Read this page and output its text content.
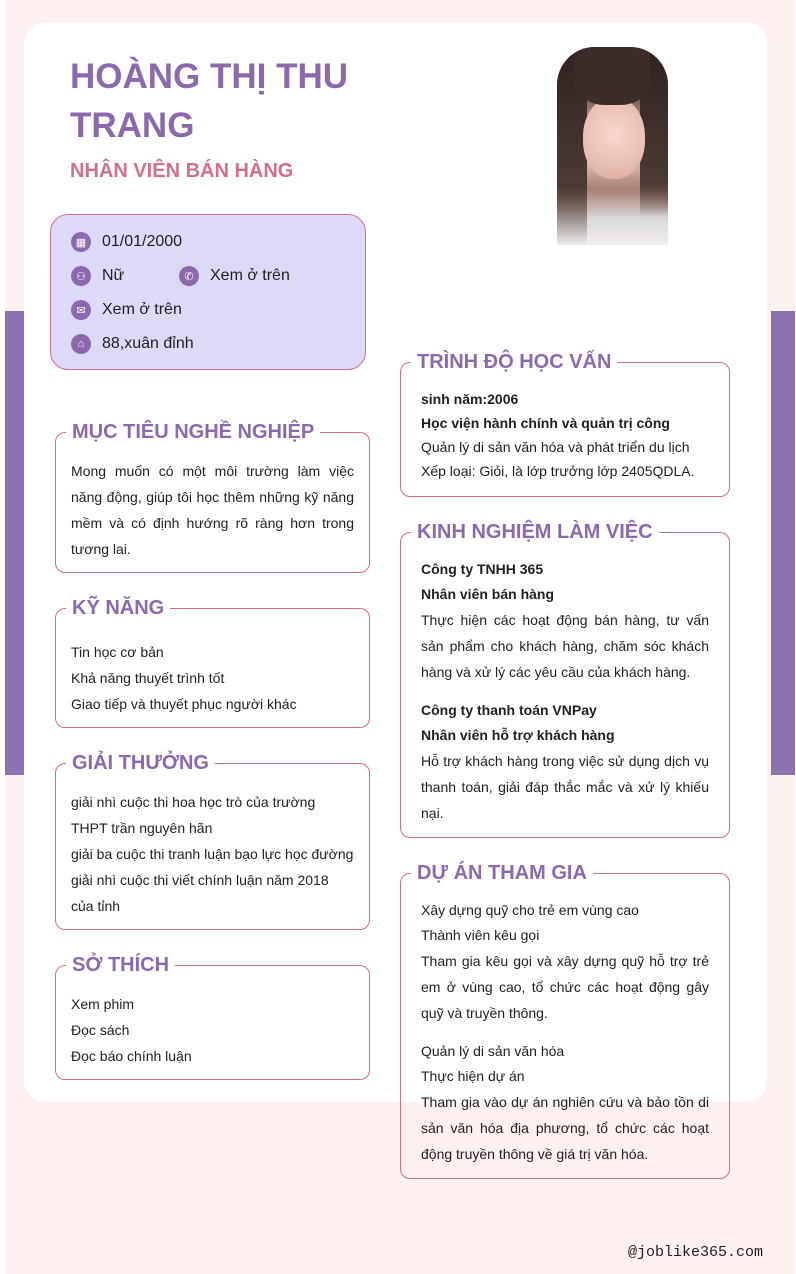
HOÀNG THỊ THU TRANG
NHÂN VIÊN BÁN HÀNG
▦ 01/01/2000
⚇	Nữ	✆	Xem ở trên
✉	Xem ở trên
⌂	88,xuân đỉnh
MỤC TIÊU NGHỀ NGHIỆP
Mong muốn có một môi trường làm việc năng động, giúp tôi học thêm những kỹ năng mềm và có định hướng rõ ràng hơn trong tương lai.
KỸ NĂNG

Tin học cơ bản

Khả năng thuyết trình tốt

Giao tiếp và thuyết phục người khác

GIẢI THƯỞNG

giải nhì cuộc thi hoa học trò của trường THPT trần nguyên hãn

giải ba cuộc thi tranh luận bạo lực học đường

giải nhì cuộc thi viết chính luận năm 2018 của tỉnh

SỞ THÍCH

Xem phim

Đọc sách

Đọc báo chính luận

TRÌNH ĐỘ HỌC VẤN

sinh năm:2006

Học viện hành chính và quản trị công

Quản lý di sản văn hóa và phát triển du lịch

Xếp loại: Giỏi, là lớp trưởng lớp 2405QDLA.

KINH NGHIỆM LÀM VIỆC

Công ty TNHH 365

Nhân viên bán hàng

Thực hiện các hoạt động bán hàng, tư vấn sản phẩm cho khách hàng, chăm sóc khách hàng và xử lý các yêu cầu của khách hàng.

Công ty thanh toán VNPay

Nhân viên hỗ trợ khách hàng

Hỗ trợ khách hàng trong việc sử dụng dịch vụ thanh toán, giải đáp thắc mắc và xử lý khiếu nại.

DỰ ÁN THAM GIA

Xây dựng quỹ cho trẻ em vùng cao

Thành viên kêu gọi

Tham gia kêu gọi và xây dựng quỹ hỗ trợ trẻ em ở vùng cao, tổ chức các hoạt động gây quỹ và truyền thông.

Quản lý di sản văn hóa

Thực hiện dự án

Tham gia vào dự án nghiên cứu và bảo tồn di sản văn hóa địa phương, tổ chức các hoạt động truyền thông về giá trị văn hóa.

@joblike365.com
